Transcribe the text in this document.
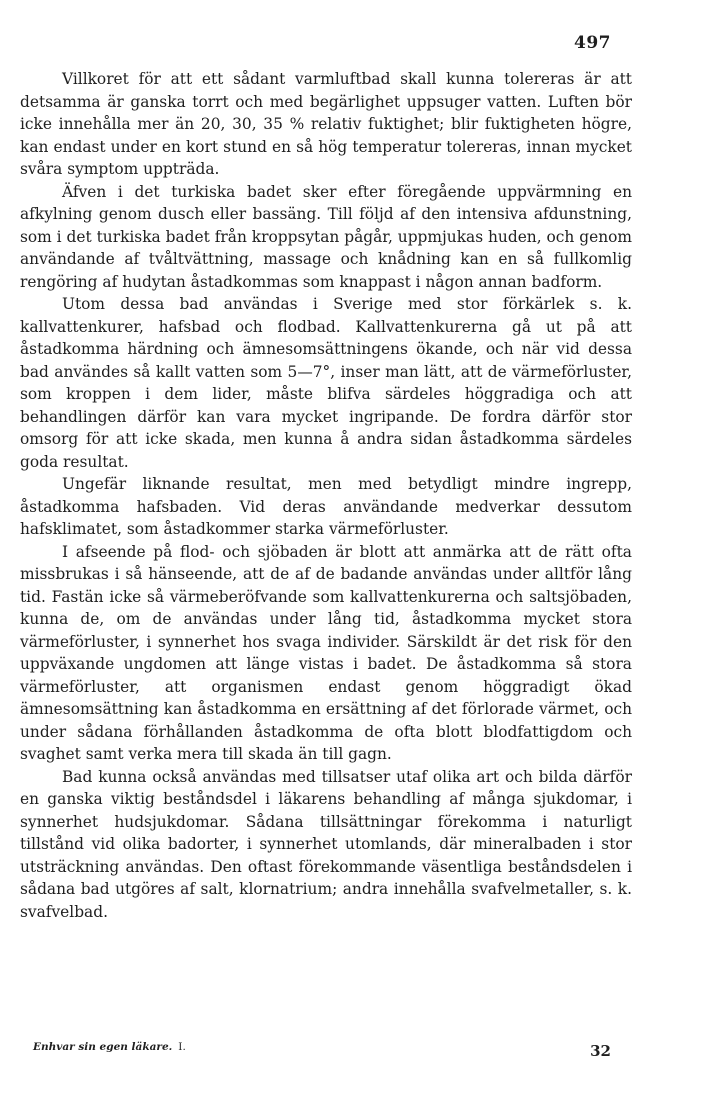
497

Villkoret för att ett sådant varmluftbad skall kunna tolereras är att detsamma är ganska torrt och med begärlighet uppsuger vatten. Luften bör icke innehålla mer än 20, 30, 35 % relativ fuktighet; blir fuktigheten högre, kan endast under en kort stund en så hög temperatur tolereras, innan mycket svåra symptom uppträda.

Äfven i det turkiska badet sker efter föregående uppvärmning en afkylning genom dusch eller bassäng. Till följd af den intensiva afdunstning, som i det turkiska badet från kroppsytan pågår, uppmjukas huden, och genom användande af tvåltvättning, massage och knådning kan en så fullkomlig rengöring af hudytan åstadkommas som knappast i någon annan badform.

Utom dessa bad användas i Sverige med stor förkärlek s. k. kallvattenkurer, hafsbad och flodbad. Kallvattenkurerna gå ut på att åstadkomma härdning och ämnesomsättningens ökande, och när vid dessa bad användes så kallt vatten som 5—7°, inser man lätt, att de värmeförluster, som kroppen i dem lider, måste blifva särdeles höggradiga och att behandlingen därför kan vara mycket ingripande. De fordra därför stor omsorg för att icke skada, men kunna å andra sidan åstadkomma särdeles goda resultat.

Ungefär liknande resultat, men med betydligt mindre ingrepp, åstadkomma hafsbaden. Vid deras användande medverkar dessutom hafsklimatet, som åstadkommer starka värmeförluster.

I afseende på flod- och sjöbaden är blott att anmärka att de rätt ofta missbrukas i så hänseende, att de af de badande användas under alltför lång tid. Fastän icke så värmeberöfvande som kallvattenkurerna och saltsjöbaden, kunna de, om de användas under lång tid, åstadkomma mycket stora värmeförluster, i synnerhet hos svaga individer. Särskildt är det risk för den uppväxande ungdomen att länge vistas i badet. De åstadkomma så stora värmeförluster, att organismen endast genom höggradigt ökad ämnesomsättning kan åstadkomma en ersättning af det förlorade värmet, och under sådana förhållanden åstadkomma de ofta blott blodfattigdom och svaghet samt verka mera till skada än till gagn.

Bad kunna också användas med tillsatser utaf olika art och bilda därför en ganska viktig beståndsdel i läkarens behandling af många sjukdomar, i synnerhet hudsjukdomar. Sådana tillsättningar förekomma i naturligt tillstånd vid olika badorter, i synnerhet utomlands, där mineralbaden i stor utsträckning användas. Den oftast förekommande väsentliga beståndsdelen i sådana bad utgöres af salt, klornatrium; andra innehålla svafvelmetaller, s. k. svafvelbad.

Enhvar sin egen läkare. I.	32
